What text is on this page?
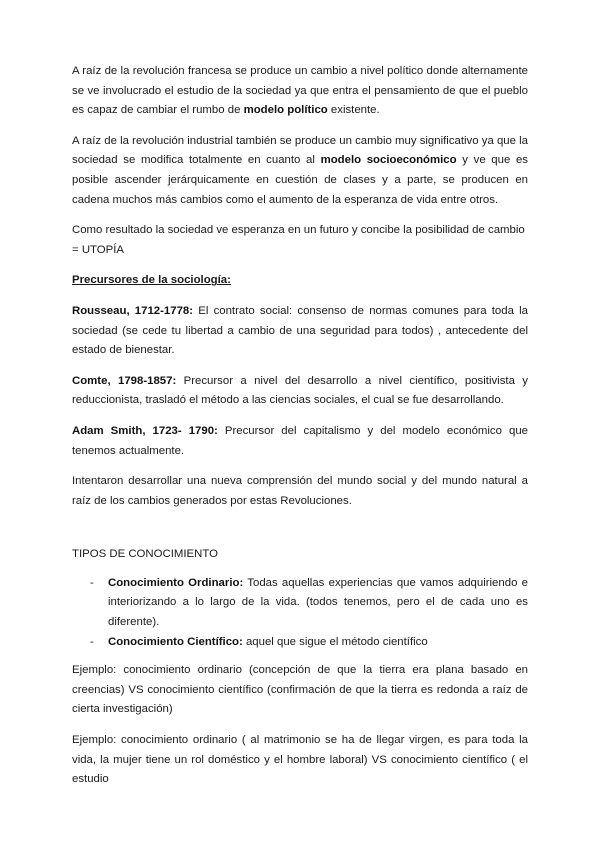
A raíz de la revolución francesa se produce un cambio a nivel político donde alternamente se ve involucrado el estudio de la sociedad ya que entra el pensamiento de que el pueblo es capaz de cambiar el rumbo de modelo político existente.

A raíz de la revolución industrial también se produce un cambio muy significativo ya que la sociedad se modifica totalmente en cuanto al modelo socioeconómico y ve que es posible ascender jerárquicamente en cuestión de clases y a parte, se producen en cadena muchos más cambios como el aumento de la esperanza de vida entre otros.

Como resultado la sociedad ve esperanza en un futuro y concibe la posibilidad de cambio = UTOPÍA

Precursores de la sociología:

Rousseau, 1712-1778: El contrato social: consenso de normas comunes para toda la sociedad (se cede tu libertad a cambio de una seguridad para todos) , antecedente del estado de bienestar.

Comte, 1798-1857: Precursor a nivel del desarrollo a nivel científico, positivista y reduccionista, trasladó el método a las ciencias sociales, el cual se fue desarrollando.

Adam Smith, 1723- 1790: Precursor del capitalismo y del modelo económico que tenemos actualmente.

Intentaron desarrollar una nueva comprensión del mundo social y del mundo natural a raíz de los cambios generados por estas Revoluciones.

TIPOS DE CONOCIMIENTO

- Conocimiento Ordinario: Todas aquellas experiencias que vamos adquiriendo e interiorizando a lo largo de la vida. (todos tenemos, pero el de cada uno es diferente).
- Conocimiento Científico: aquel que sigue el método científico

Ejemplo: conocimiento ordinario (concepción de que la tierra era plana basado en creencias) VS conocimiento científico (confirmación de que la tierra es redonda a raíz de cierta investigación)

Ejemplo: conocimiento ordinario ( al matrimonio se ha de llegar virgen, es para toda la vida, la mujer tiene un rol doméstico y el hombre laboral) VS conocimiento científico ( el estudio
